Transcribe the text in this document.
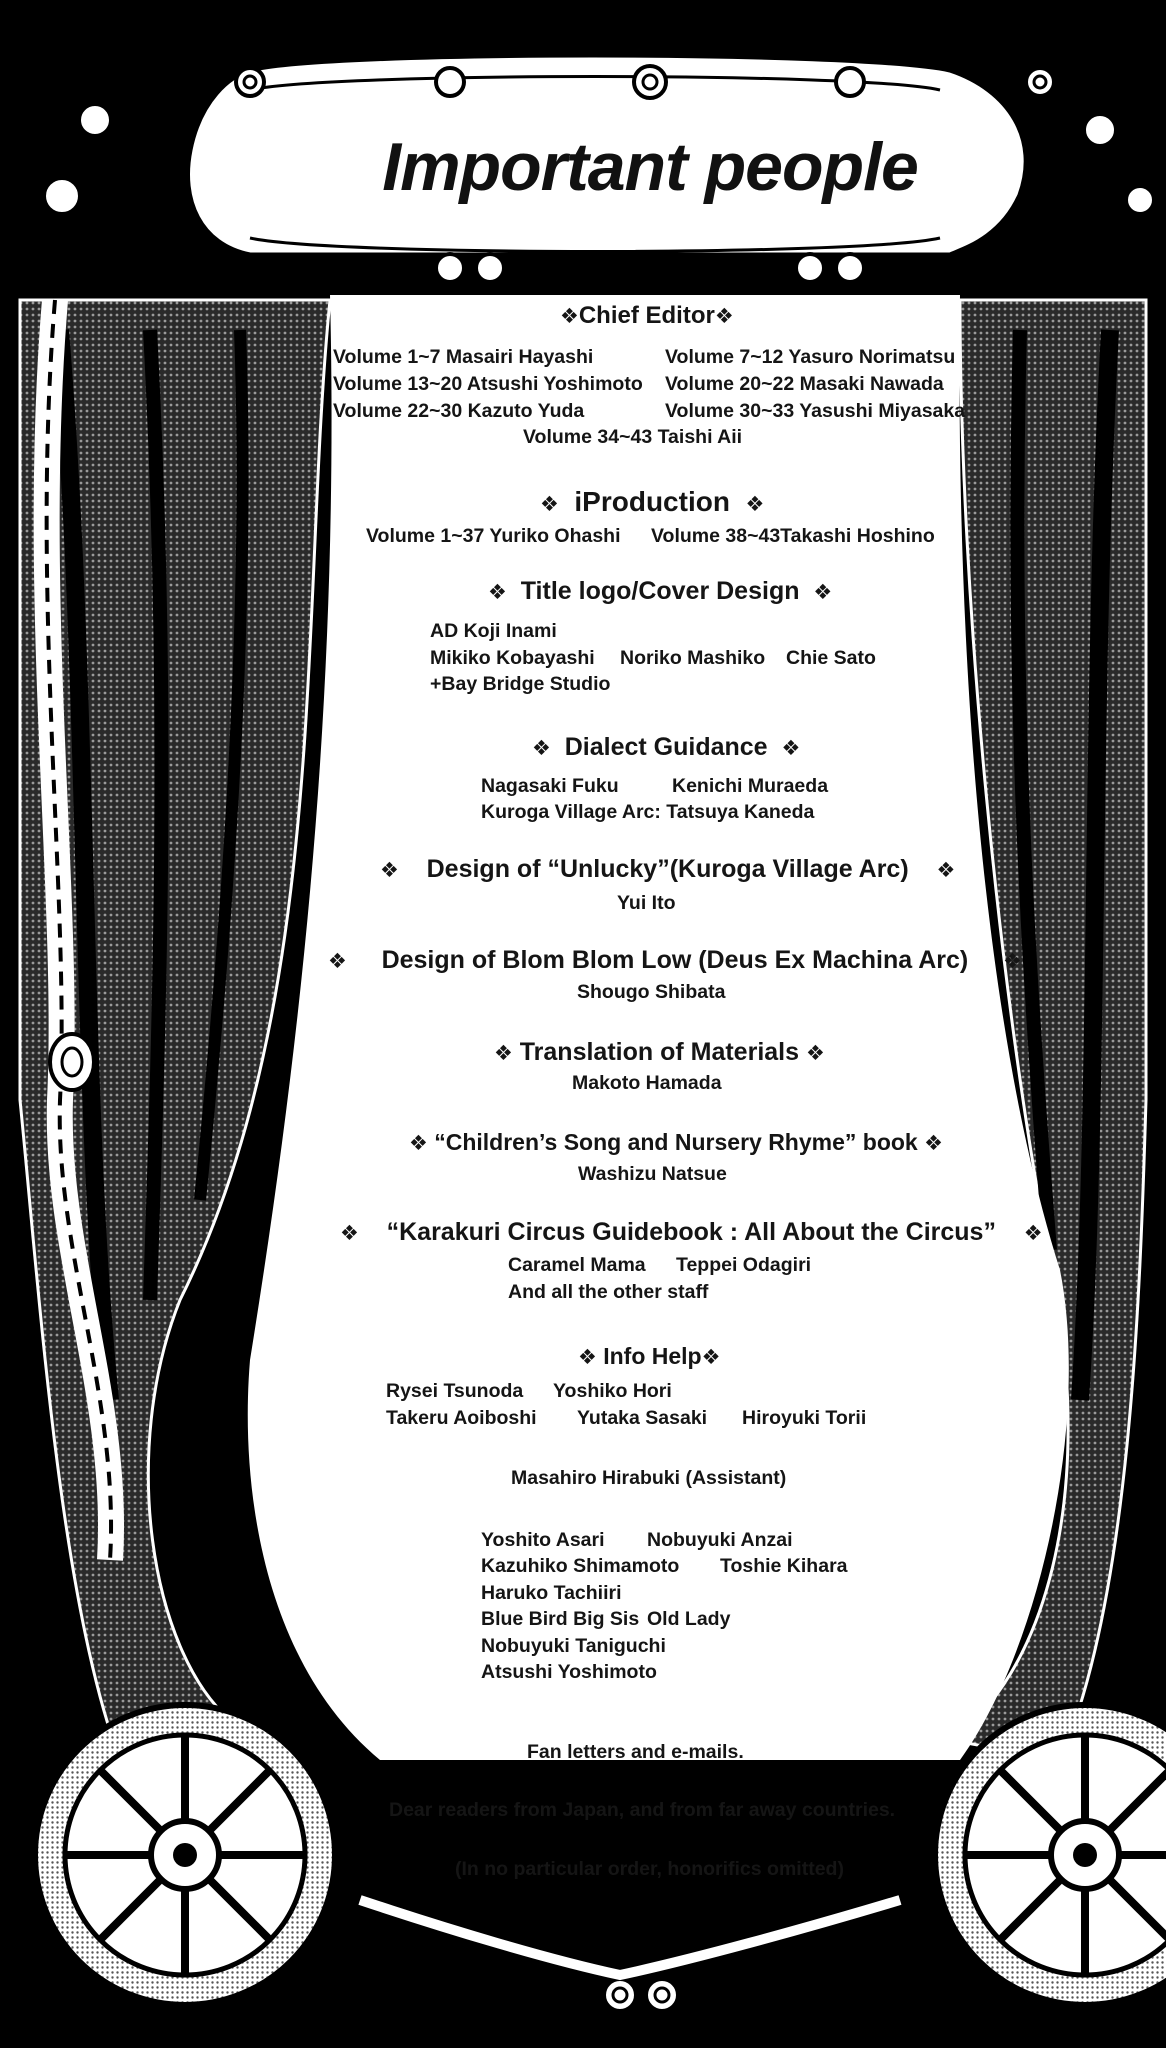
Important people
❖Chief Editor❖
Volume 1~7 Masairi Hayashi	Volume 7~12 Yasuro Norimatsu
Volume 13~20 Atsushi Yoshimoto Volume 20~22 Masaki Nawada
Volume 22~30 Kazuto Yuda	Volume 30~33 Yasushi Miyasaka
Volume 34~43 Taishi Aii
❖ iProduction ❖
Volume 1~37 Yuriko Ohashi Volume 38~43Takashi Hoshino
❖ Title logo/Cover Design ❖
AD Koji Inami
Mikiko Kobayashi Noriko Mashiko Chie Sato
+Bay Bridge Studio
❖ Dialect Guidance ❖
Nagasaki Fuku	Kenichi Muraeda
Kuroga Village Arc: Tatsuya Kaneda
❖ Design of “Unlucky”(Kuroga Village Arc) ❖
Yui Ito
❖ Design of Blom Blom Low (Deus Ex Machina Arc) ❖
Shougo Shibata
❖ Translation of Materials ❖
Makoto Hamada
❖ “Children’s Song and Nursery Rhyme” book ❖
Washizu Natsue
❖ “Karakuri Circus Guidebook : All About the Circus” ❖
Caramel Mama Teppei Odagiri
And all the other staff
❖ Info Help❖
Rysei Tsunoda Yoshiko Hori
Takeru Aoiboshi Yutaka Sasaki Hiroyuki Torii
Masahiro Hirabuki (Assistant)
Yoshito Asari Nobuyuki Anzai
Kazuhiko Shimamoto Toshie Kihara
Haruko Tachiiri
Blue Bird Big Sis Old Lady
Nobuyuki Taniguchi
Atsushi Yoshimoto
Fan letters and e-mails.
Dear readers from Japan, and from far away countries.
(In no particular order, honorifics omitted)
